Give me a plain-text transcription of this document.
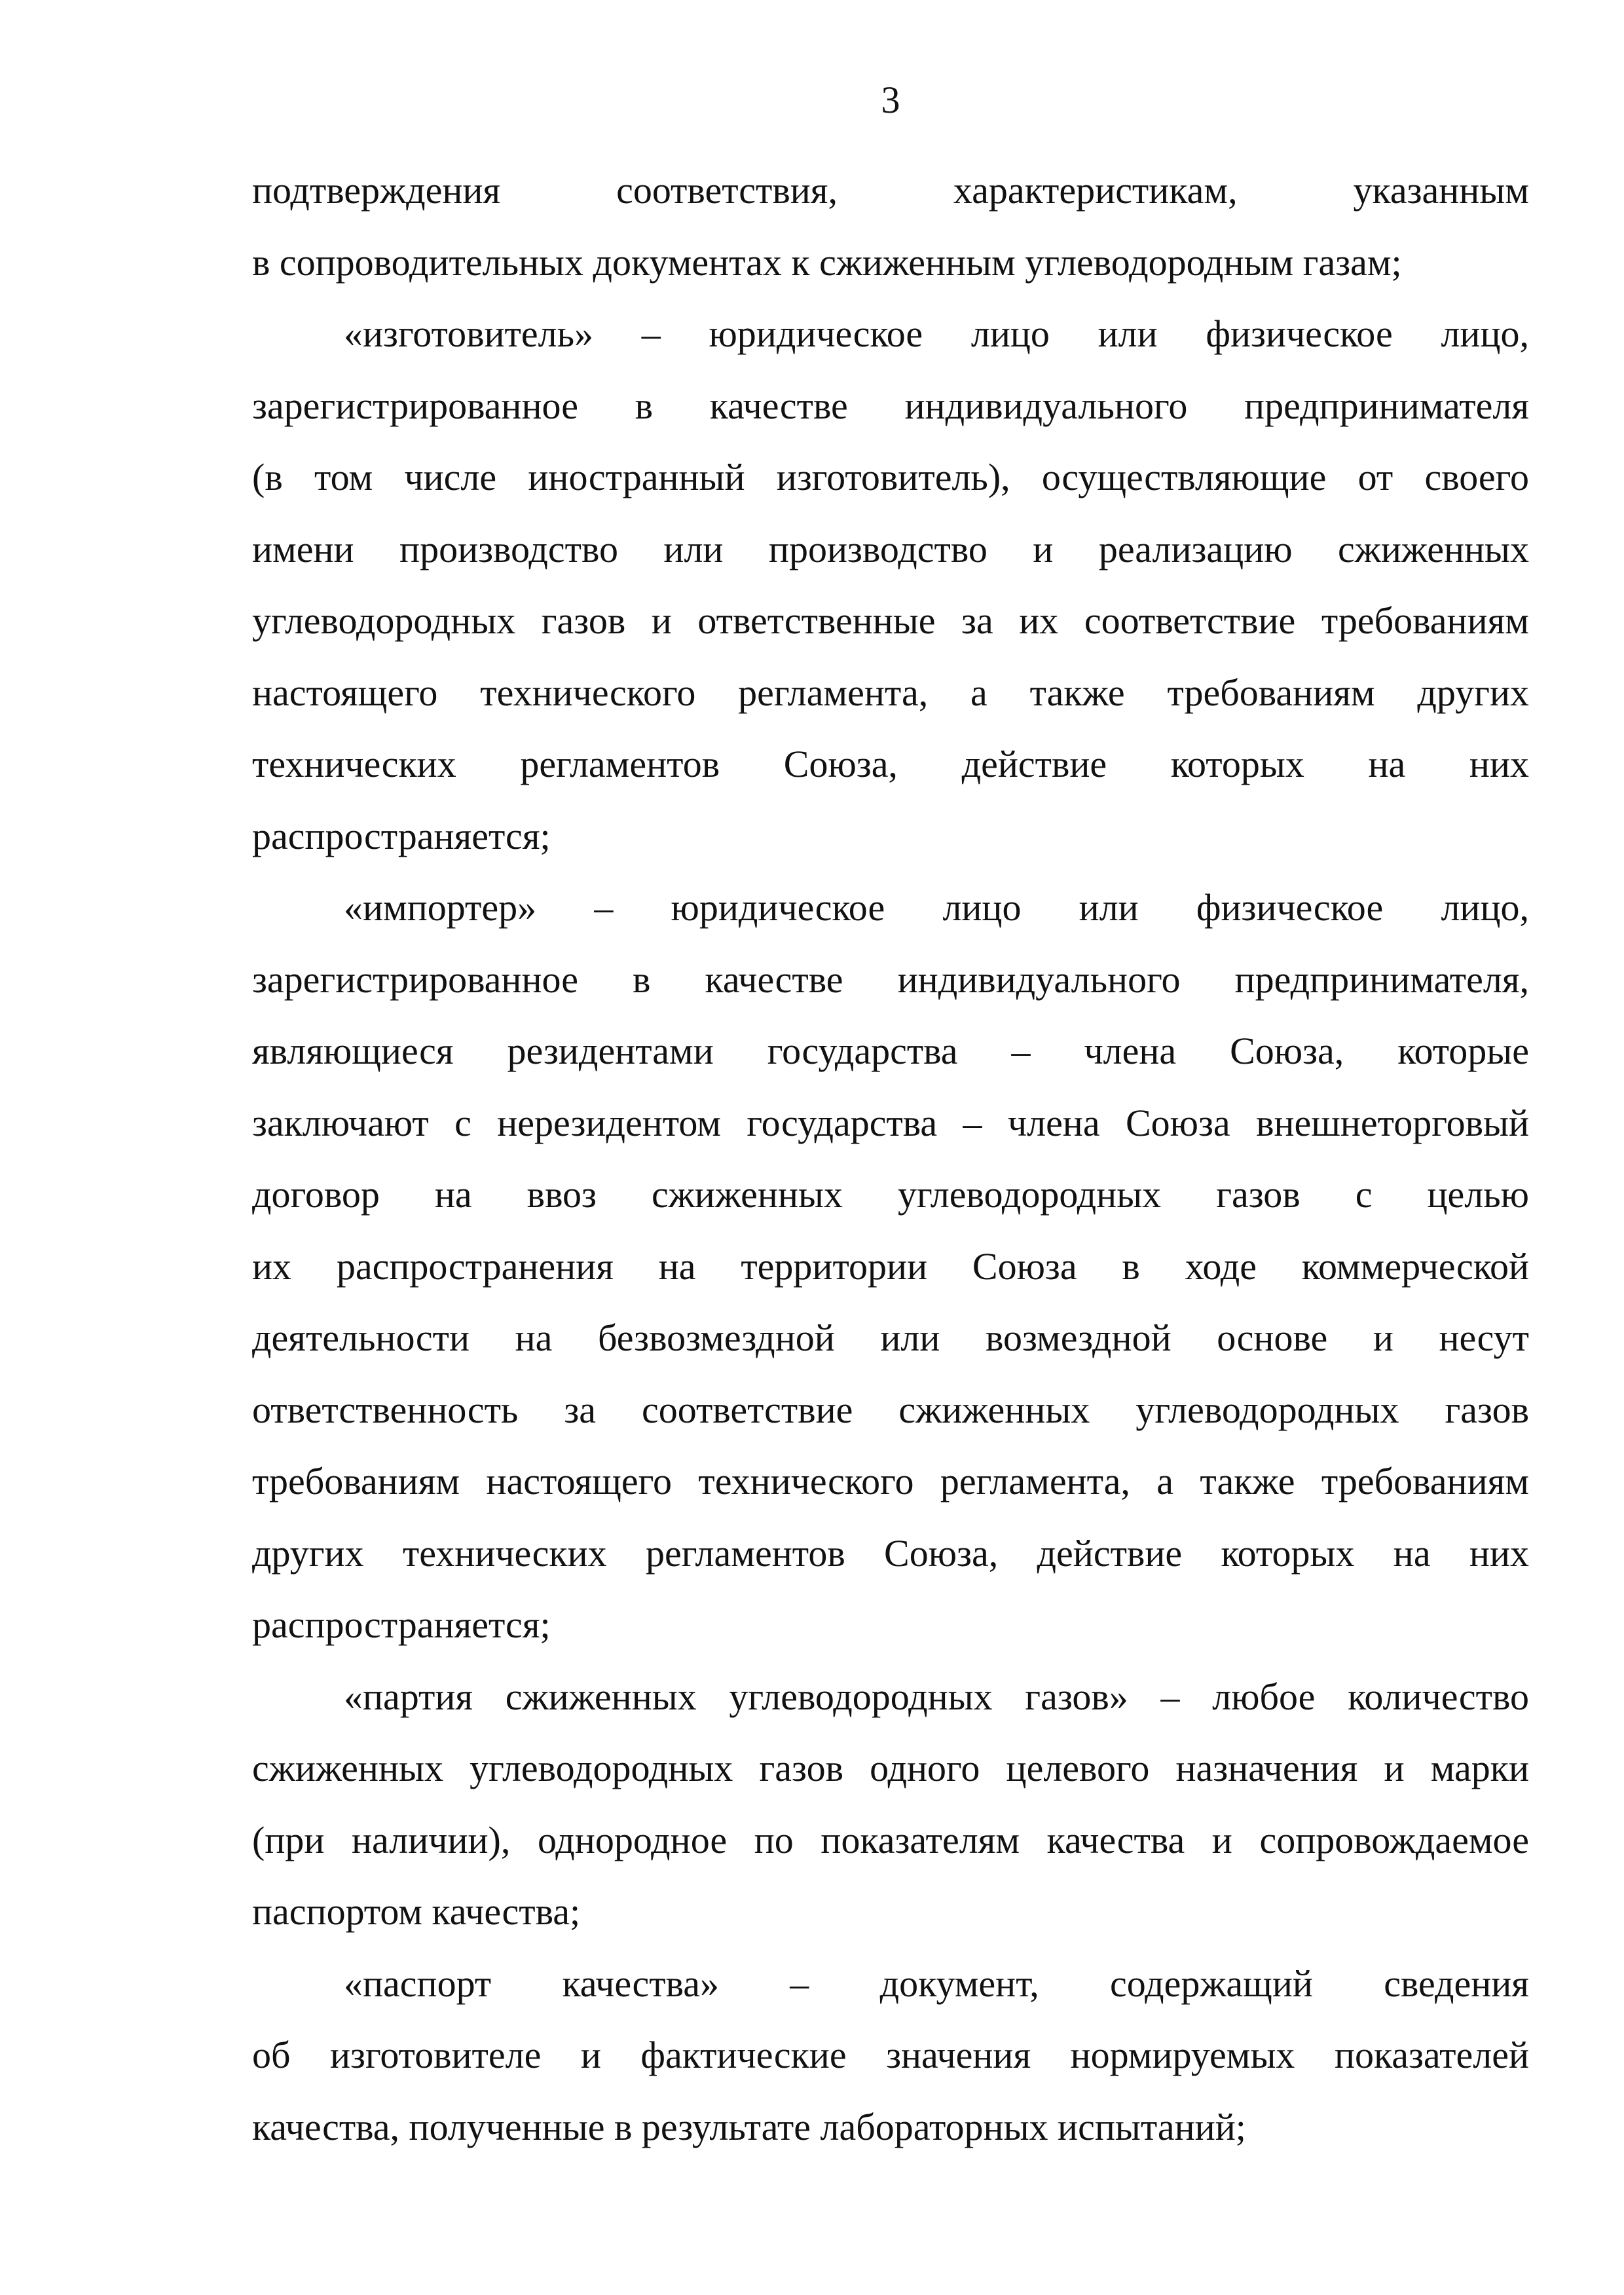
3

подтверждения соответствия, характеристикам, указанным
в сопроводительных документах к сжиженным углеводородным газам;

«изготовитель» – юридическое лицо или физическое лицо,
зарегистрированное в качестве индивидуального предпринимателя
(в том числе иностранный изготовитель), осуществляющие от своего
имени производство или производство и реализацию сжиженных
углеводородных газов и ответственные за их соответствие требованиям
настоящего технического регламента, а также требованиям других
технических регламентов Союза, действие которых на них
распространяется;

«импортер» – юридическое лицо или физическое лицо,
зарегистрированное в качестве индивидуального предпринимателя,
являющиеся резидентами государства – члена Союза, которые
заключают с нерезидентом государства – члена Союза внешнеторговый
договор на ввоз сжиженных углеводородных газов с целью
их распространения на территории Союза в ходе коммерческой
деятельности на безвозмездной или возмездной основе и несут
ответственность за соответствие сжиженных углеводородных газов
требованиям настоящего технического регламента, а также требованиям
других технических регламентов Союза, действие которых на них
распространяется;

«партия сжиженных углеводородных газов» – любое количество
сжиженных углеводородных газов одного целевого назначения и марки
(при наличии), однородное по показателям качества и сопровождаемое
паспортом качества;

«паспорт качества» – документ, содержащий сведения
об изготовителе и фактические значения нормируемых показателей
качества, полученные в результате лабораторных испытаний;
